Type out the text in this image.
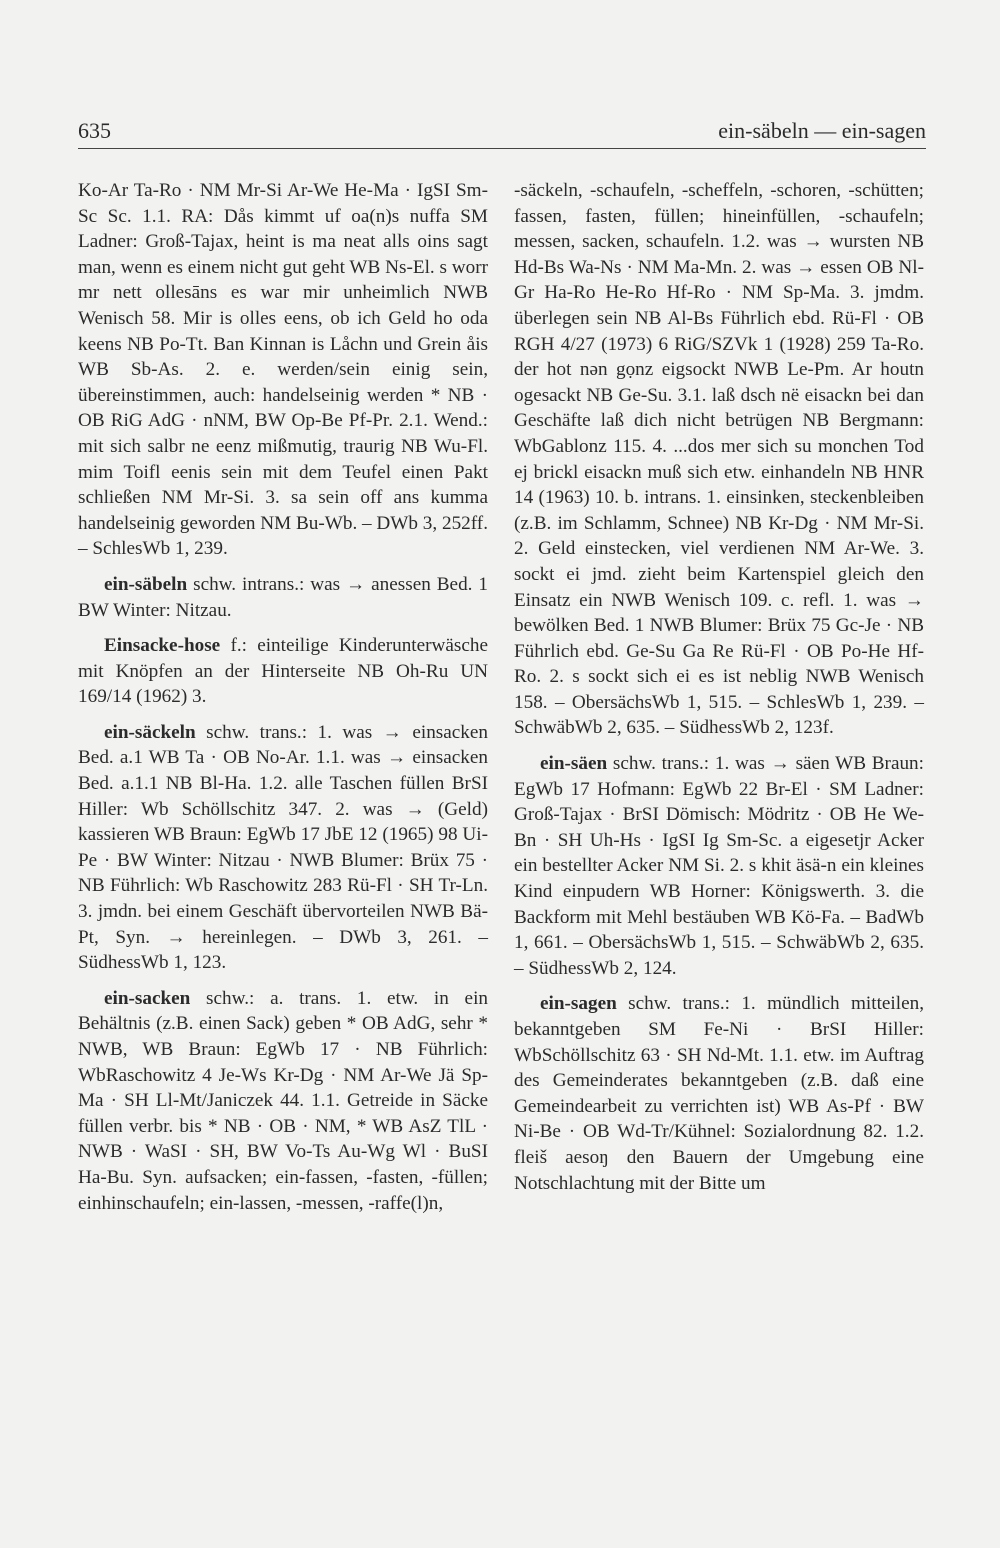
635	ein-säbeln — ein-sagen

Ko-Ar Ta-Ro · NM Mr-Si Ar-We He-Ma · IgSI Sm-Sc Sc. 1.1. RA: Dås kimmt uf oa(n)s nuffa SM Ladner: Groß-Tajax, heint is ma neat alls oins sagt man, wenn es einem nicht gut geht WB Ns-El. s worr mr nett ollesāns es war mir unheimlich NWB Wenisch 58. Mir is olles eens, ob ich Geld ho oda keens NB Po-Tt. Ban Kinnan is Låchn und Grein åis WB Sb-As. 2. e. werden/sein einig sein, übereinstimmen, auch: handelseinig werden * NB · OB RiG AdG · nNM, BW Op-Be Pf-Pr. 2.1. Wend.: mit sich salbr ne eenz mißmutig, traurig NB Wu-Fl. mim Toifl eenis sein mit dem Teufel einen Pakt schließen NM Mr-Si. 3. sa sein off ans kumma handelseinig geworden NM Bu-Wb. – DWb 3, 252ff. – SchlesWb 1, 239.

ein-säbeln schw. intrans.: was → anessen Bed. 1 BW Winter: Nitzau.

Einsacke-hose f.: einteilige Kinderunterwäsche mit Knöpfen an der Hinterseite NB Oh-Ru UN 169/14 (1962) 3.

ein-säckeln schw. trans.: 1. was → einsacken Bed. a.1 WB Ta · OB No-Ar. 1.1. was → einsacken Bed. a.1.1 NB Bl-Ha. 1.2. alle Taschen füllen BrSI Hiller: Wb Schöllschitz 347. 2. was → (Geld) kassieren WB Braun: EgWb 17 JbE 12 (1965) 98 Ui-Pe · BW Winter: Nitzau · NWB Blumer: Brüx 75 · NB Führlich: Wb Raschowitz 283 Rü-Fl · SH Tr-Ln. 3. jmdn. bei einem Geschäft übervorteilen NWB Bä-Pt, Syn. → hereinlegen. – DWb 3, 261. – SüdhessWb 1, 123.

ein-sacken schw.: a. trans. 1. etw. in ein Behältnis (z.B. einen Sack) geben * OB AdG, sehr * NWB, WB Braun: EgWb 17 · NB Führlich: WbRaschowitz 4 Je-Ws Kr-Dg · NM Ar-We Jä Sp-Ma · SH Ll-Mt/Janiczek 44. 1.1. Getreide in Säcke füllen verbr. bis * NB · OB · NM, * WB AsZ TlL · NWB · WaSI · SH, BW Vo-Ts Au-Wg Wl · BuSI Ha-Bu. Syn. aufsacken; ein-fassen, -fasten, -füllen; einhinschaufeln; ein-lassen, -messen, -raffe(l)n,

-säckeln, -schaufeln, -scheffeln, -schoren, -schütten; fassen, fasten, füllen; hineinfüllen, -schaufeln; messen, sacken, schaufeln. 1.2. was → wursten NB Hd-Bs Wa-Ns · NM Ma-Mn. 2. was → essen OB Nl-Gr Ha-Ro He-Ro Hf-Ro · NM Sp-Ma. 3. jmdm. überlegen sein NB Al-Bs Führlich ebd. Rü-Fl · OB RGH 4/27 (1973) 6 RiG/SZVk 1 (1928) 259 Ta-Ro. der hot nən gọnz eigsockt NWB Le-Pm. Ar houtn ogesackt NB Ge-Su. 3.1. laß dsch në eisackn bei dan Geschäfte laß dich nicht betrügen NB Bergmann: WbGablonz 115. 4. ...dos mer sich su monchen Tod ej brickl eisackn muß sich etw. einhandeln NB HNR 14 (1963) 10. b. intrans. 1. einsinken, steckenbleiben (z.B. im Schlamm, Schnee) NB Kr-Dg · NM Mr-Si. 2. Geld einstecken, viel verdienen NM Ar-We. 3. sockt ei jmd. zieht beim Kartenspiel gleich den Einsatz ein NWB Wenisch 109. c. refl. 1. was → bewölken Bed. 1 NWB Blumer: Brüx 75 Gc-Je · NB Führlich ebd. Ge-Su Ga Re Rü-Fl · OB Po-He Hf-Ro. 2. s sockt sich ei es ist neblig NWB Wenisch 158. – ObersächsWb 1, 515. – SchlesWb 1, 239. – SchwäbWb 2, 635. – SüdhessWb 2, 123f.

ein-säen schw. trans.: 1. was → säen WB Braun: EgWb 17 Hofmann: EgWb 22 Br-El · SM Ladner: Groß-Tajax · BrSI Dömisch: Mödritz · OB He We-Bn · SH Uh-Hs · IgSI Ig Sm-Sc. a eigesetjr Acker ein bestellter Acker NM Si. 2. s khit äsä-n ein kleines Kind einpudern WB Horner: Königswerth. 3. die Backform mit Mehl bestäuben WB Kö-Fa. – BadWb 1, 661. – ObersächsWb 1, 515. – SchwäbWb 2, 635. – SüdhessWb 2, 124.

ein-sagen schw. trans.: 1. mündlich mitteilen, bekanntgeben SM Fe-Ni · BrSI Hiller: WbSchöllschitz 63 · SH Nd-Mt. 1.1. etw. im Auftrag des Gemeinderates bekanntgeben (z.B. daß eine Gemeindearbeit zu verrichten ist) WB As-Pf · BW Ni-Be · OB Wd-Tr/Kühnel: Sozialordnung 82. 1.2. fleiš aesoŋ den Bauern der Umgebung eine Notschlachtung mit der Bitte um
